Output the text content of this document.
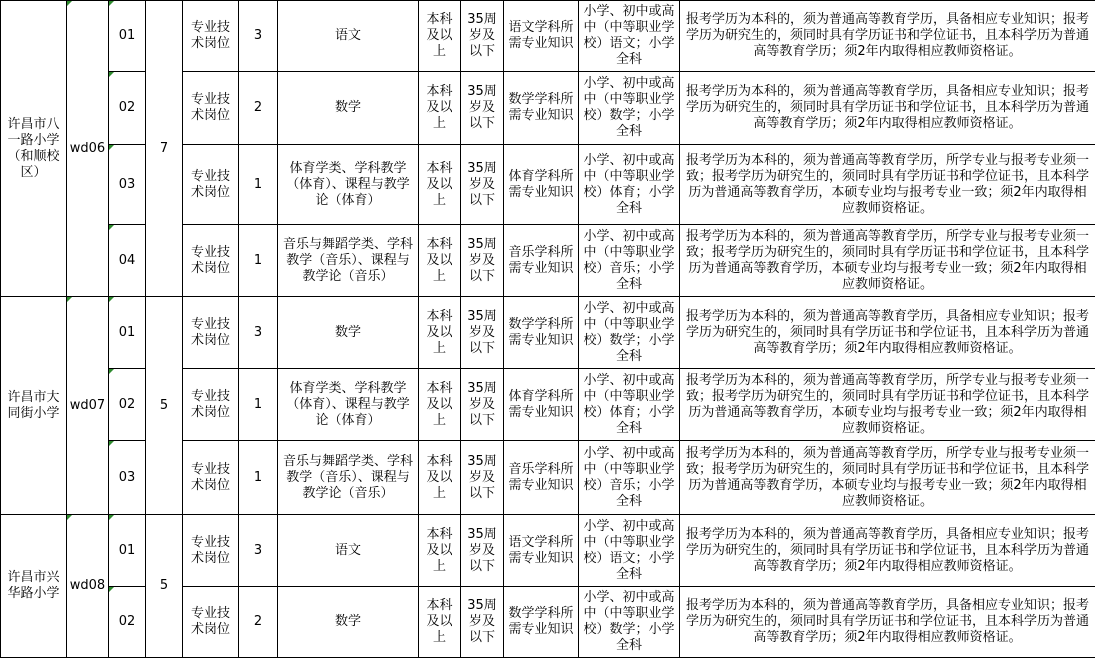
许昌市八一路小学（和顺校区）	wd06	01	7	专业技术岗位	3	语文	本科及以上	35周岁及以下	语文学科所需专业知识	小学、初中或高中（中等职业学校）语文；小学全科	报考学历为本科的，须为普通高等教育学历，具备相应专业知识；报考学历为研究生的，须同时具有学历证书和学位证书，且本科学历为普通高等教育学历；须2年内取得相应教师资格证。
		02		专业技术岗位	2	数学	本科及以上	35周岁及以下	数学学科所需专业知识	小学、初中或高中（中等职业学校）数学；小学全科	报考学历为本科的，须为普通高等教育学历，具备相应专业知识；报考学历为研究生的，须同时具有学历证书和学位证书，且本科学历为普通高等教育学历；须2年内取得相应教师资格证。
		03		专业技术岗位	1	体育学类、学科教学（体育）、课程与教学论（体育）	本科及以上	35周岁及以下	体育学科所需专业知识	小学、初中或高中（中等职业学校）体育；小学全科	报考学历为本科的，须为普通高等教育学历，所学专业与报考专业须一致；报考学历为研究生的，须同时具有学历证书和学位证书，且本科学历为普通高等教育学历，本硕专业均与报考专业一致；须2年内取得相应教师资格证。
		04		专业技术岗位	1	音乐与舞蹈学类、学科教学（音乐）、课程与教学论（音乐）	本科及以上	35周岁及以下	音乐学科所需专业知识	小学、初中或高中（中等职业学校）音乐；小学全科	报考学历为本科的，须为普通高等教育学历，所学专业与报考专业须一致；报考学历为研究生的，须同时具有学历证书和学位证书，且本科学历为普通高等教育学历，本硕专业均与报考专业一致；须2年内取得相应教师资格证。
许昌市大同街小学	wd07	01	5	专业技术岗位	3	数学	本科及以上	35周岁及以下	数学学科所需专业知识	小学、初中或高中（中等职业学校）数学；小学全科	报考学历为本科的，须为普通高等教育学历，具备相应专业知识；报考学历为研究生的，须同时具有学历证书和学位证书，且本科学历为普通高等教育学历；须2年内取得相应教师资格证。
		02		专业技术岗位	1	体育学类、学科教学（体育）、课程与教学论（体育）	本科及以上	35周岁及以下	体育学科所需专业知识	小学、初中或高中（中等职业学校）体育；小学全科	报考学历为本科的，须为普通高等教育学历，所学专业与报考专业须一致；报考学历为研究生的，须同时具有学历证书和学位证书，且本科学历为普通高等教育学历，本硕专业均与报考专业一致；须2年内取得相应教师资格证。
		03		专业技术岗位	1	音乐与舞蹈学类、学科教学（音乐）、课程与教学论（音乐）	本科及以上	35周岁及以下	音乐学科所需专业知识	小学、初中或高中（中等职业学校）音乐；小学全科	报考学历为本科的，须为普通高等教育学历，所学专业与报考专业须一致；报考学历为研究生的，须同时具有学历证书和学位证书，且本科学历为普通高等教育学历，本硕专业均与报考专业一致；须2年内取得相应教师资格证。
许昌市兴华路小学	wd08	01	5	专业技术岗位	3	语文	本科及以上	35周岁及以下	语文学科所需专业知识	小学、初中或高中（中等职业学校）语文；小学全科	报考学历为本科的，须为普通高等教育学历，具备相应专业知识；报考学历为研究生的，须同时具有学历证书和学位证书，且本科学历为普通高等教育学历；须2年内取得相应教师资格证。
		02		专业技术岗位	2	数学	本科及以上	35周岁及以下	数学学科所需专业知识	小学、初中或高中（中等职业学校）数学；小学全科	报考学历为本科的，须为普通高等教育学历，具备相应专业知识；报考学历为研究生的，须同时具有学历证书和学位证书，且本科学历为普通高等教育学历；须2年内取得相应教师资格证。
